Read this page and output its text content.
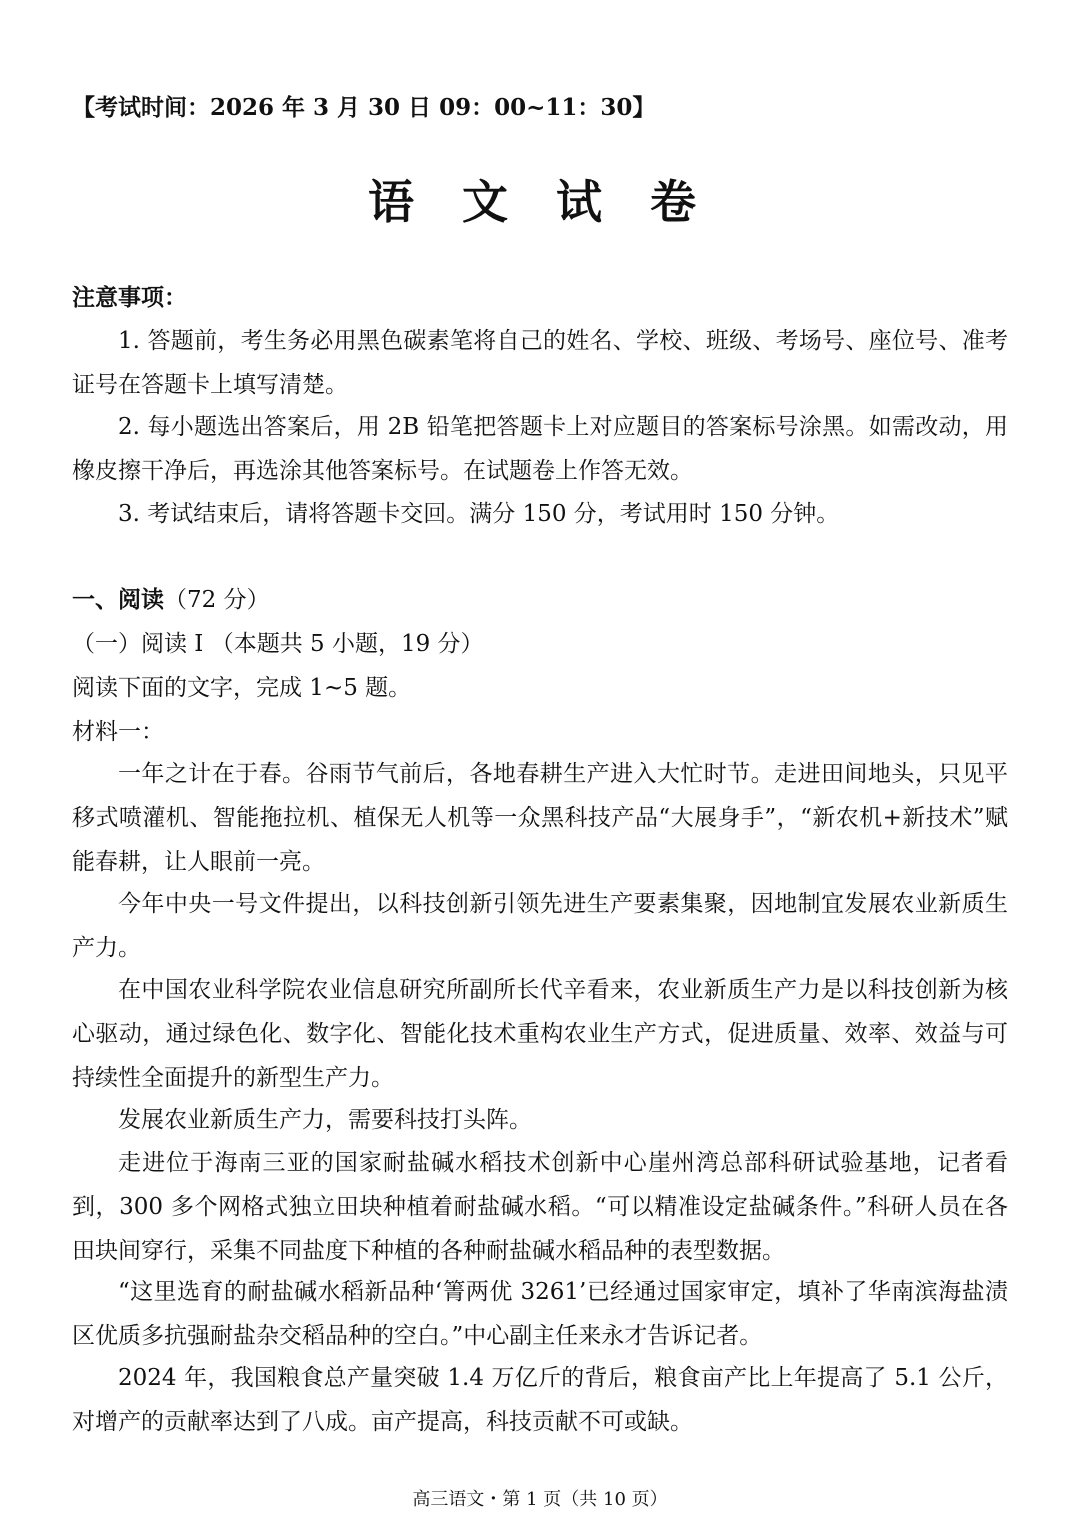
【考试时间：2026 年 3 月 30 日 09：00~11：30】
语 文 试 卷
注意事项：

1. 答题前，考生务必用黑色碳素笔将自己的姓名、学校、班级、考场号、座位号、准考证号在答题卡上填写清楚。

2. 每小题选出答案后，用 2B 铅笔把答题卡上对应题目的答案标号涂黑。如需改动，用橡皮擦干净后，再选涂其他答案标号。在试题卷上作答无效。

3. 考试结束后，请将答题卡交回。满分 150 分，考试用时 150 分钟。

一、阅读（72 分）
（一）阅读 I （本题共 5 小题，19 分）
阅读下面的文字，完成 1~5 题。
材料一：

一年之计在于春。谷雨节气前后，各地春耕生产进入大忙时节。走进田间地头，只见平移式喷灌机、智能拖拉机、植保无人机等一众黑科技产品“大展身手”，“新农机+新技术”赋能春耕，让人眼前一亮。

今年中央一号文件提出，以科技创新引领先进生产要素集聚，因地制宜发展农业新质生产力。

在中国农业科学院农业信息研究所副所长代辛看来，农业新质生产力是以科技创新为核心驱动，通过绿色化、数字化、智能化技术重构农业生产方式，促进质量、效率、效益与可持续性全面提升的新型生产力。

发展农业新质生产力，需要科技打头阵。

走进位于海南三亚的国家耐盐碱水稻技术创新中心崖州湾总部科研试验基地，记者看到，300 多个网格式独立田块种植着耐盐碱水稻。“可以精准设定盐碱条件。”科研人员在各田块间穿行，采集不同盐度下种植的各种耐盐碱水稻品种的表型数据。

“这里选育的耐盐碱水稻新品种‘箐两优 3261’已经通过国家审定，填补了华南滨海盐渍区优质多抗强耐盐杂交稻品种的空白。”中心副主任来永才告诉记者。

2024 年，我国粮食总产量突破 1.4 万亿斤的背后，粮食亩产比上年提高了 5.1 公斤，对增产的贡献率达到了八成。亩产提高，科技贡献不可或缺。

高三语文・第 1 页（共 10 页）
